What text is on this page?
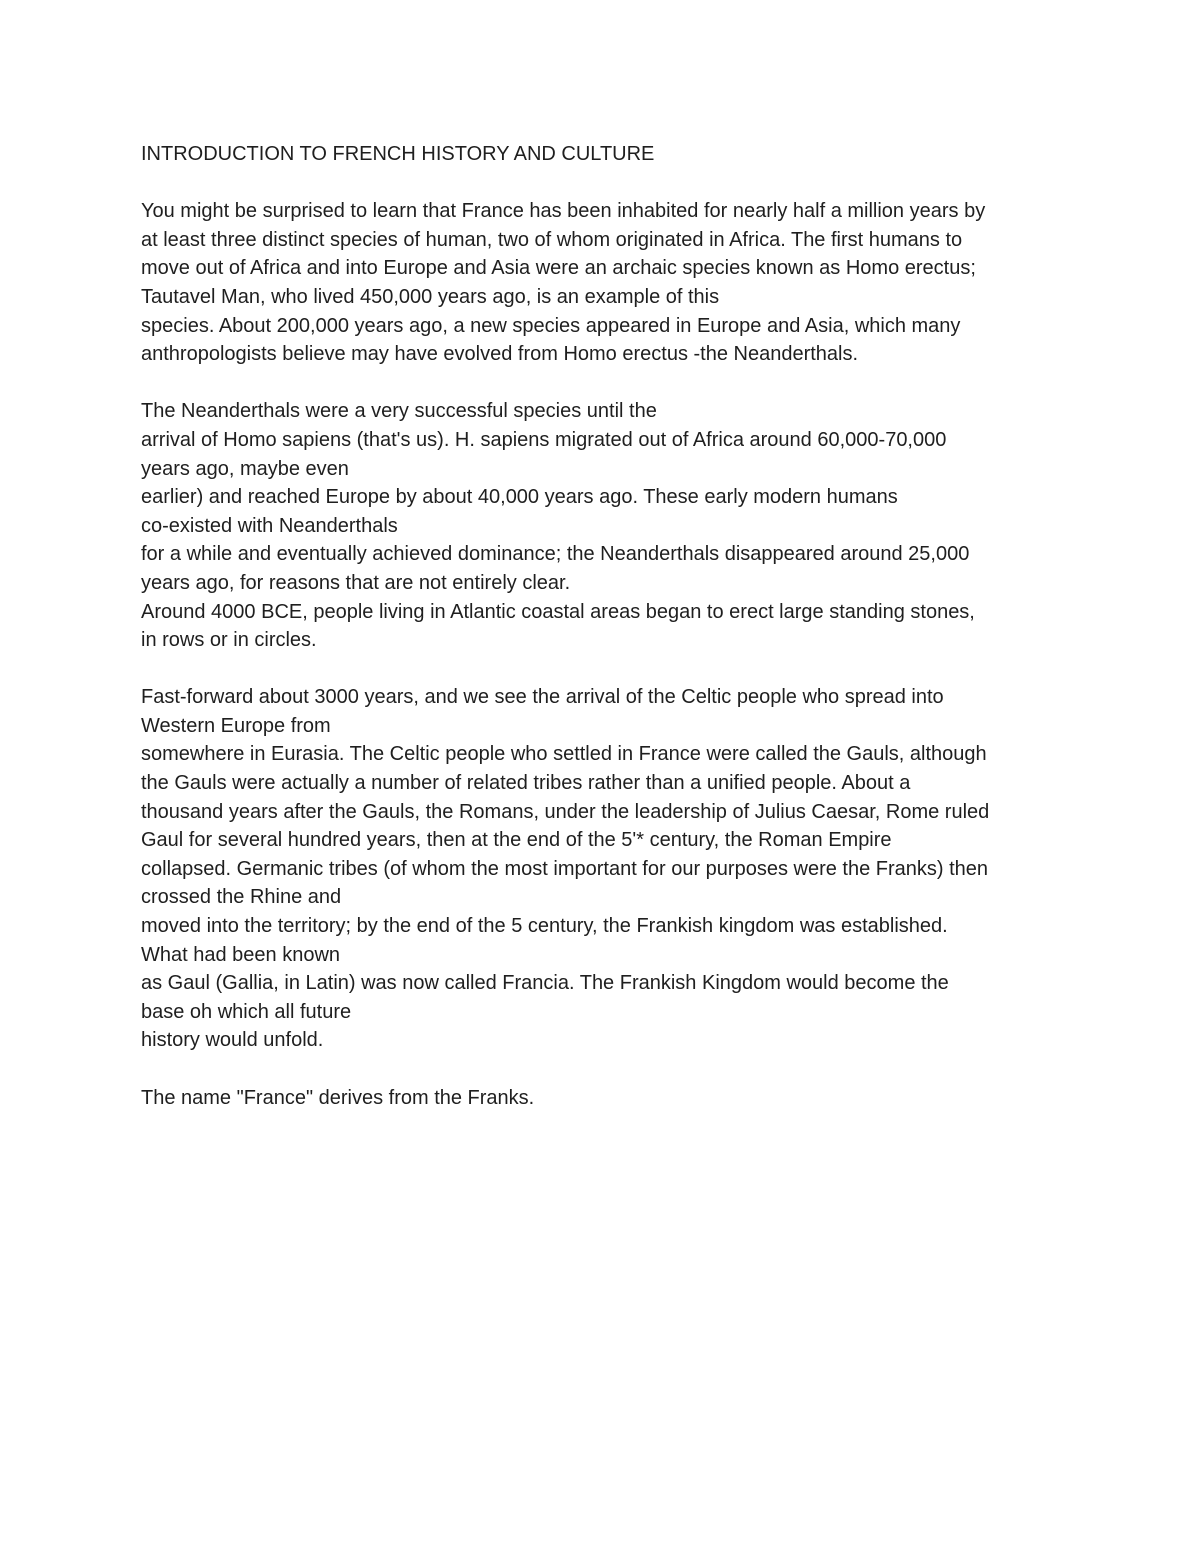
INTRODUCTION TO FRENCH HISTORY AND CULTURE
You might be surprised to learn that France has been inhabited for nearly half a million years by
at least three distinct species of human, two of whom originated in Africa. The first humans to
move out of Africa and into Europe and Asia were an archaic species known as Homo erectus;
Tautavel Man, who lived 450,000 years ago, is an example of this
species. About 200,000 years ago, a new species appeared in Europe and Asia, which many
anthropologists believe may have evolved from Homo erectus -the Neanderthals.
The Neanderthals were a very successful species until the
arrival of Homo sapiens (that's us). H. sapiens migrated out of Africa around 60,000-70,000
years ago, maybe even
earlier) and reached Europe by about 40,000 years ago. These early modern humans
co-existed with Neanderthals
for a while and eventually achieved dominance; the Neanderthals disappeared around 25,000
years ago, for reasons that are not entirely clear.
Around 4000 BCE, people living in Atlantic coastal areas began to erect large standing stones,
in rows or in circles.
Fast-forward about 3000 years, and we see the arrival of the Celtic people who spread into
Western Europe from
somewhere in Eurasia. The Celtic people who settled in France were called the Gauls, although
the Gauls were actually a number of related tribes rather than a unified people. About a
thousand years after the Gauls, the Romans, under the leadership of Julius Caesar, Rome ruled
Gaul for several hundred years, then at the end of the 5'* century, the Roman Empire
collapsed. Germanic tribes (of whom the most important for our purposes were the Franks) then
crossed the Rhine and
moved into the territory; by the end of the 5 century, the Frankish kingdom was established.
What had been known
as Gaul (Gallia, in Latin) was now called Francia. The Frankish Kingdom would become the
base oh which all future
history would unfold.
The name "France" derives from the Franks.
